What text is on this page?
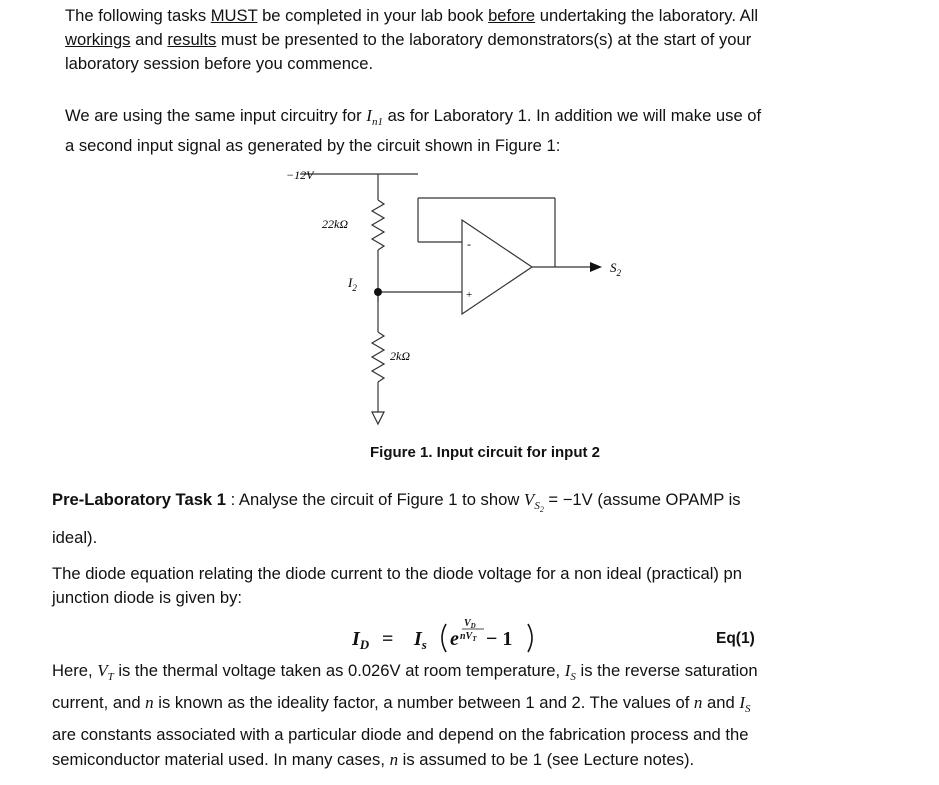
The following tasks MUST be completed in your lab book before undertaking the laboratory. All
workings and results must be presented to the laboratory demonstrators(s) at the start of your
laboratory session before you commence.
We are using the same input circuitry for $I_{n1}$ as for Laboratory 1. In addition we will make use of
a second input signal as generated by the circuit shown in Figure 1:
−12V
22kΩ
2kΩ
$I_2$
$S_2$
-
+
Figure 1. Input circuit for input 2
Pre-Laboratory Task 1 : Analyse the circuit of Figure 1 to show $V_{S_2} = -1V$ (assume OPAMP is
ideal).
The diode equation relating the diode current to the diode voltage for a non ideal (practical) pn
junction diode is given by:
$I_D = I_s$ e
$V_D$
$nV_T - 1$	Eq(1)
Here, $V_T$ is the thermal voltage taken as 0.026V at room temperature, $I_S$ is the reverse saturation
current, and n is known as the ideality factor, a number between 1 and 2. The values of n and $I_S$
are constants associated with a particular diode and depend on the fabrication process and the
semiconductor material used. In many cases, n is assumed to be 1 (see Lecture notes).
